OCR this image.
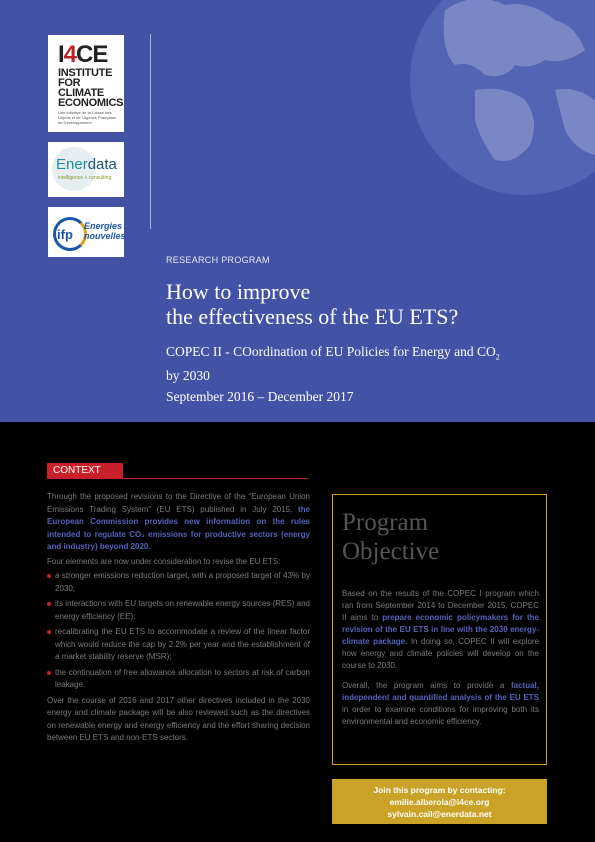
I4CE
INSTITUTE FOR CLIMATE ECONOMICS
Une initiative de la Caisse des Dépôts et de l'Agence Française de Développement
Enerdata
intelligence + consulting
ifp
Energies
nouvelles
RESEARCH PROGRAM
How to improve
the effectiveness of the EU ETS?
COPEC II - COordination of EU Policies for Energy and $CO_2$
by 2030
September 2016 – December 2017
CONTEXT

Through the proposed revisions to the Directive of the “European Union Emissions Trading System” (EU ETS) published in July 2015, the European Commission provides new information on the rules intended to regulate CO₂ emissions for productive sectors (energy and industry) beyond 2020.

Four elements are now under consideration to revise the EU ETS:

a stronger emissions reduction target, with a proposed target of 43% by 2030;
its interactions with EU targets on renewable energy sources (RES) and energy efficiency (EE);
recalibrating the EU ETS to accommodate a review of the linear factor which would reduce the cap by 2.2% per year and the establishment of a market stability reserve (MSR);
the continuation of free allowance allocation to sectors at risk of carbon leakage.

Over the course of 2016 and 2017 other directives included in the 2030 energy and climate package will be also reviewed such as the directives on renewable energy and energy efficiency and the effort sharing decision between EU ETS and non-ETS sectors.

Program
Objective

Based on the results of the COPEC I program which ran from September 2014 to December 2015, COPEC II aims to prepare economic policymakers for the revision of the EU ETS in line with the 2030 energy-climate package. In doing so, COPEC II will explore how energy and climate policies will develop on the course to 2030.

Overall, the program aims to provide a factual, independent and quantified analysis of the EU ETS in order to examine conditions for improving both its environmental and economic efficiency.

Join this program by contacting:
emilie.alberola@i4ce.org
sylvain.cail@enerdata.net
